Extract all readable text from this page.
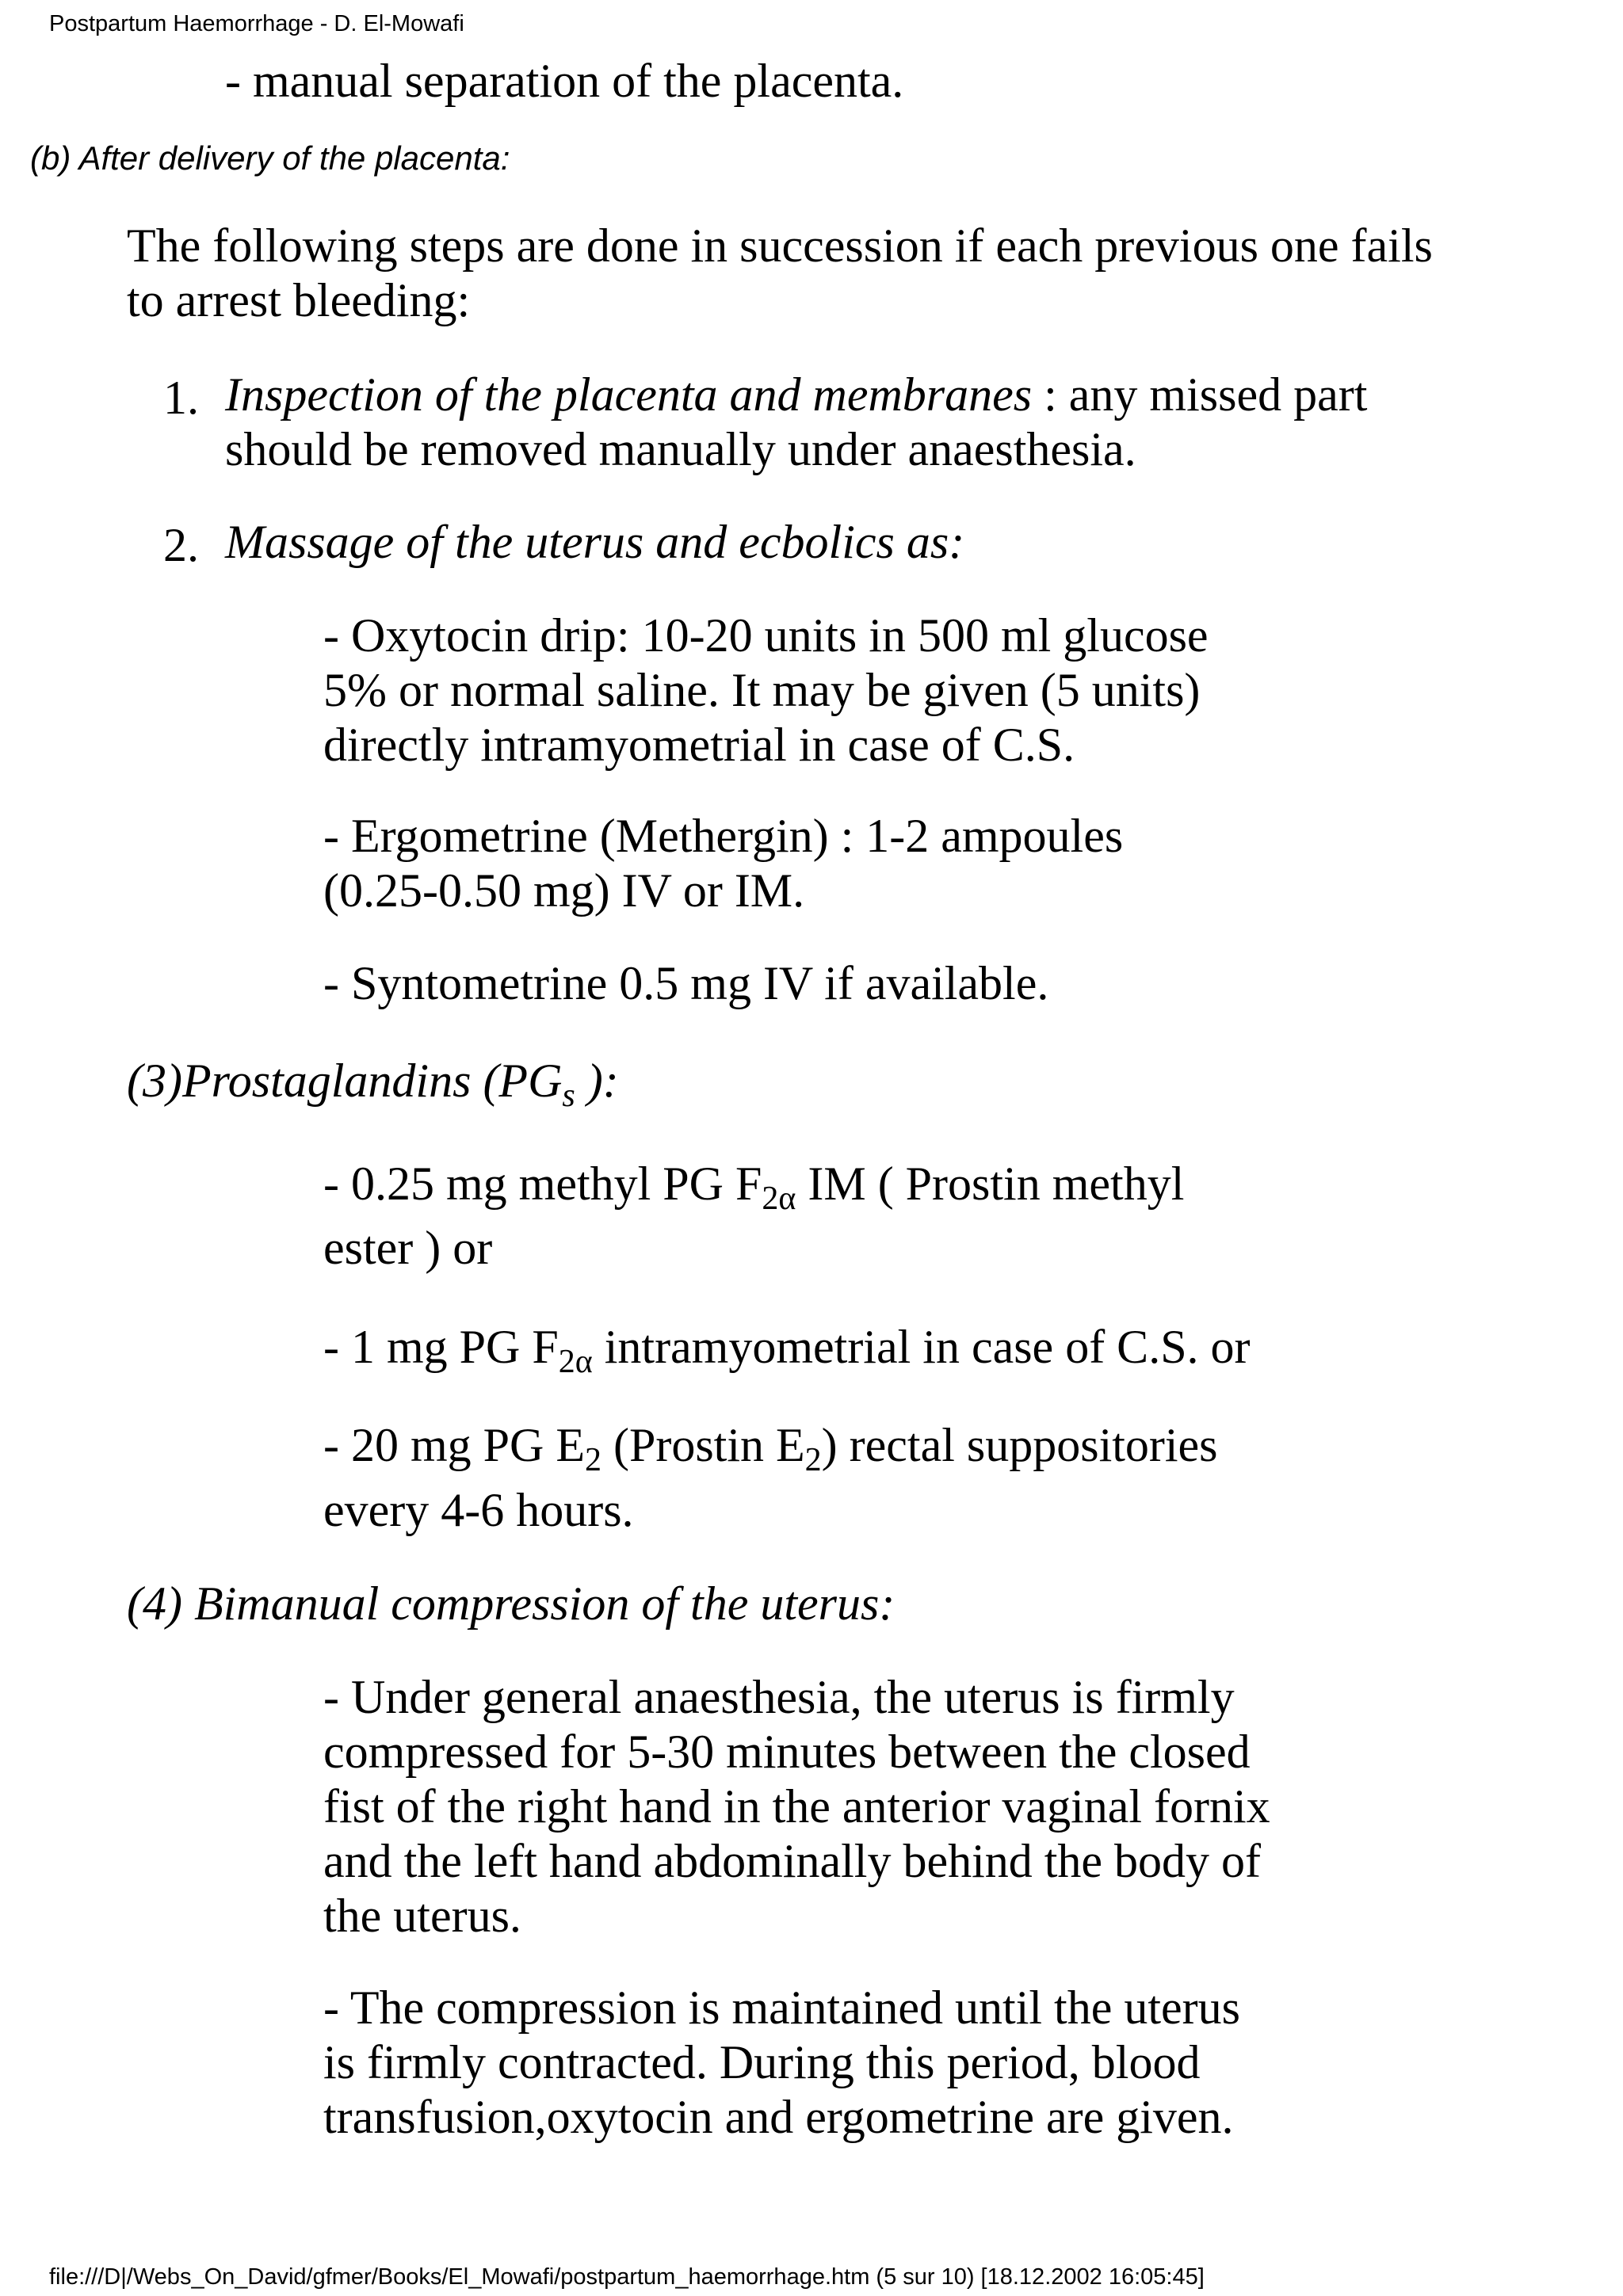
Postpartum Haemorrhage - D. El-Mowafi
- manual separation of the placenta.
(b) After delivery of the placenta:
The following steps are done in succession if each previous one fails
to arrest bleeding:
1. Inspection of the placenta and membranes : any missed part
should be removed manually under anaesthesia.
2. Massage of the uterus and ecbolics as:
- Oxytocin drip: 10-20 units in 500 ml glucose
5% or normal saline. It may be given (5 units)
directly intramyometrial in case of C.S.
- Ergometrine (Methergin) : 1-2 ampoules
(0.25-0.50 mg) IV or IM.
- Syntometrine 0.5 mg IV if available.
(3)Prostaglandins ($PG_s$ ):
- 0.25 mg methyl PG $F_{2\alpha}$ IM ( Prostin methyl
ester ) or
- 1 mg PG $F_{2\alpha}$ intramyometrial in case of C.S. or
- 20 mg PG $E_2$ (Prostin $E_2$) rectal suppositories
every 4-6 hours.
(4) Bimanual compression of the uterus:
- Under general anaesthesia, the uterus is firmly
compressed for 5-30 minutes between the closed
fist of the right hand in the anterior vaginal fornix
and the left hand abdominally behind the body of
the uterus.
- The compression is maintained until the uterus
is firmly contracted. During this period, blood
transfusion,oxytocin and ergometrine are given.
file:///D|/Webs_On_David/gfmer/Books/El_Mowafi/postpartum_haemorrhage.htm (5 sur 10) [18.12.2002 16:05:45]
